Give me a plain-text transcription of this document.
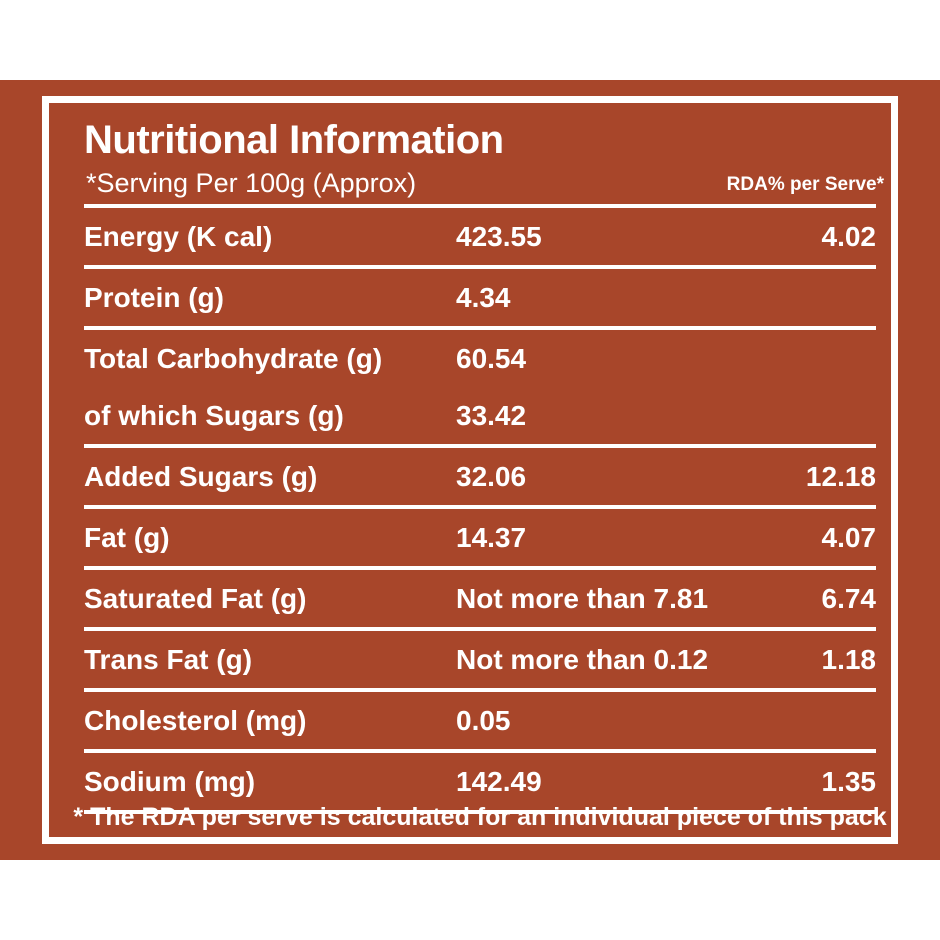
Nutritional Information
*Serving Per 100g (Approx)	RDA% per Serve*
Energy (K cal)	423.55	4.02
Protein (g)	4.34	
Total Carbohydrate (g)	60.54	
of which Sugars (g)	33.42	
Added Sugars (g)	32.06	12.18
Fat (g)	14.37	4.07
Saturated Fat (g)	Not more than 7.81	6.74
Trans Fat (g)	Not more than 0.12	1.18
Cholesterol (mg)	0.05	
Sodium (mg)	142.49	1.35
* The RDA per serve is calculated for an individual piece of this pack
